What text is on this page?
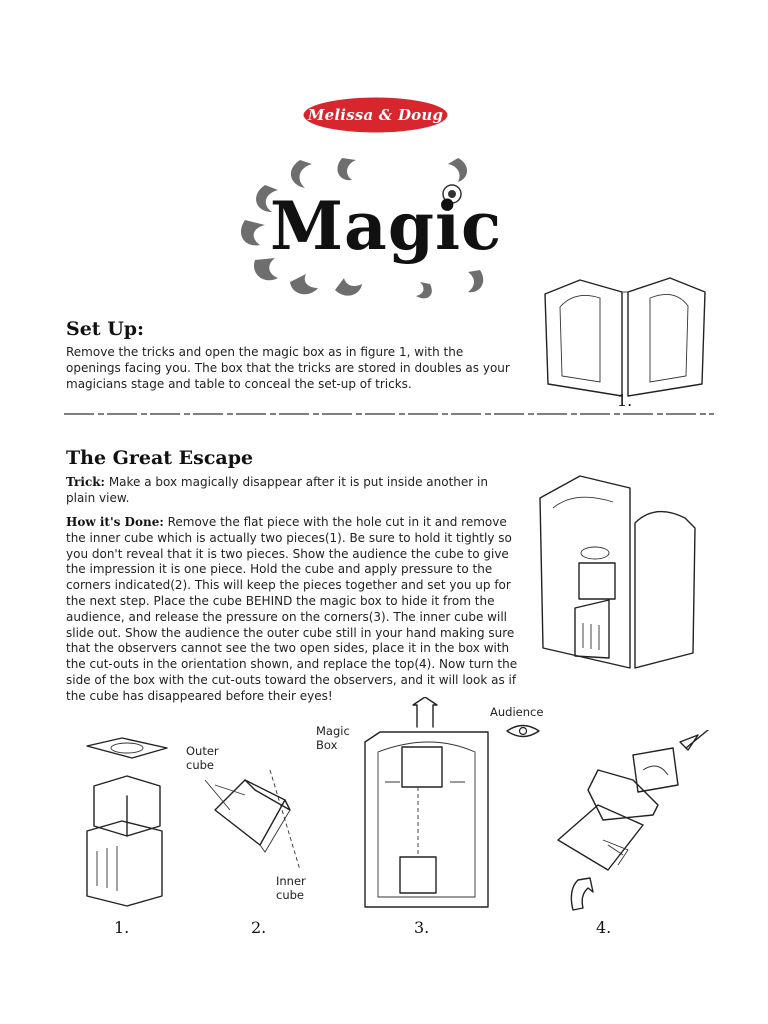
Melissa & Doug
Magic
Set Up:
Remove the tricks and open the magic box as in figure 1, with the openings facing you. The box that the tricks are stored in doubles as your magicians stage and table to conceal the set-up of tricks.
1.
The Great Escape
Trick: Make a box magically disappear after it is put inside another in plain view.
How it's Done: Remove the flat piece with the hole cut in it and remove the inner cube which is actually two pieces(1). Be sure to hold it tightly so you don't reveal that it is two pieces. Show the audience the cube to give the impression it is one piece. Hold the cube and apply pressure to the corners indicated(2). This will keep the pieces together and set you up for the next step. Place the cube BEHIND the magic box to hide it from the audience, and release the pressure on the corners(3). The inner cube will slide out. Show the audience the outer cube still in your hand making sure that the observers cannot see the two open sides, place it in the box with the cut-outs in the orientation shown, and replace the top(4). Now turn the side of the box with the cut-outs toward the observers, and it will look as if the cube has disappeared before their eyes!
1.
Outer cube
Inner cube
2.
Magic Box
3.
Audience
4.
